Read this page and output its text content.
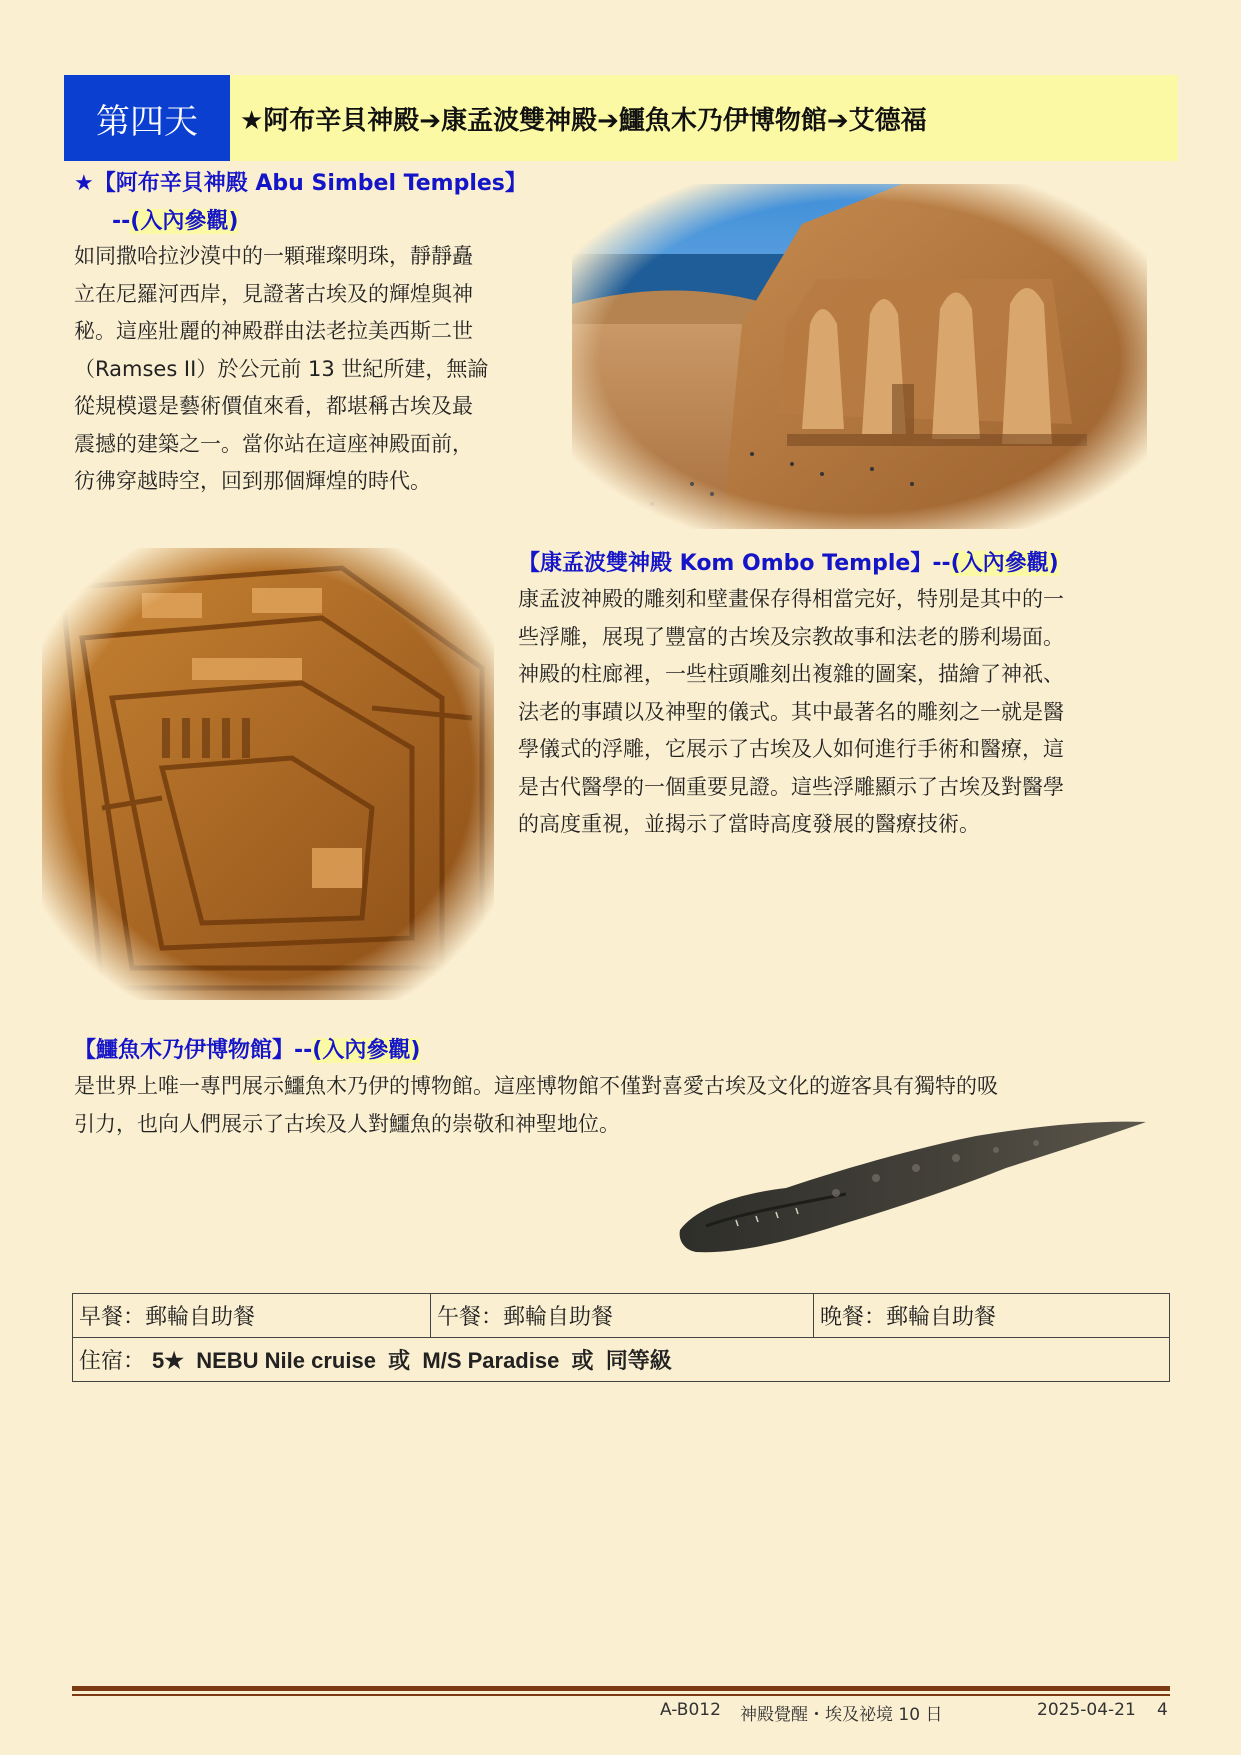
第四天	★阿布辛貝神殿➔康孟波雙神殿➔鱷魚木乃伊博物館➔艾德福
★【阿布辛貝神殿 Abu Simbel Temples】
--(入內參觀)
如同撒哈拉沙漠中的一顆璀璨明珠，靜靜矗
立在尼羅河西岸，見證著古埃及的輝煌與神
秘。這座壯麗的神殿群由法老拉美西斯二世
（Ramses II）於公元前 13 世紀所建，無論
從規模還是藝術價值來看，都堪稱古埃及最
震撼的建築之一。當你站在這座神殿面前，
彷彿穿越時空，回到那個輝煌的時代。
【康孟波雙神殿 Kom Ombo Temple】--(入內參觀)
康孟波神殿的雕刻和壁畫保存得相當完好，特別是其中的一
些浮雕，展現了豐富的古埃及宗教故事和法老的勝利場面。
神殿的柱廊裡，一些柱頭雕刻出複雜的圖案，描繪了神祇、
法老的事蹟以及神聖的儀式。其中最著名的雕刻之一就是醫
學儀式的浮雕，它展示了古埃及人如何進行手術和醫療，這
是古代醫學的一個重要見證。這些浮雕顯示了古埃及對醫學
的高度重視，並揭示了當時高度發展的醫療技術。
【鱷魚木乃伊博物館】--(入內參觀)
是世界上唯一專門展示鱷魚木乃伊的博物館。這座博物館不僅對喜愛古埃及文化的遊客具有獨特的吸
引力，也向人們展示了古埃及人對鱷魚的崇敬和神聖地位。
早餐：郵輪自助餐	午餐：郵輪自助餐	晚餐：郵輪自助餐
住宿： 5★  NEBU Nile cruise  或  M/S Paradise  或  同等級
A-B012 神殿覺醒・埃及祕境 10 日	2025-04-21 4
